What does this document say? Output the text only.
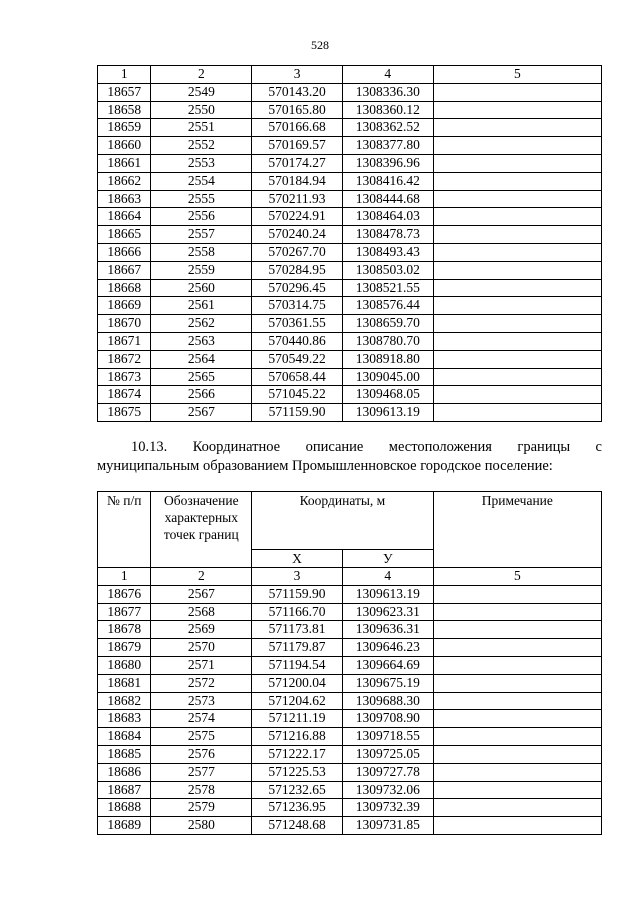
528
1	2	3	4	5
18657	2549	570143.20	1308336.30	
18658	2550	570165.80	1308360.12	
18659	2551	570166.68	1308362.52	
18660	2552	570169.57	1308377.80	
18661	2553	570174.27	1308396.96	
18662	2554	570184.94	1308416.42	
18663	2555	570211.93	1308444.68	
18664	2556	570224.91	1308464.03	
18665	2557	570240.24	1308478.73	
18666	2558	570267.70	1308493.43	
18667	2559	570284.95	1308503.02	
18668	2560	570296.45	1308521.55	
18669	2561	570314.75	1308576.44	
18670	2562	570361.55	1308659.70	
18671	2563	570440.86	1308780.70	
18672	2564	570549.22	1308918.80	
18673	2565	570658.44	1309045.00	
18674	2566	571045.22	1309468.05	
18675	2567	571159.90	1309613.19	
10.13. Координатное описание местоположения границы с
муниципальным образованием Промышленновское городское поселение:
№ п/п	Обозначение характерных точек границ	Координаты, м		Примечание
		X	У	
1	2	3	4	5
18676	2567	571159.90	1309613.19	
18677	2568	571166.70	1309623.31	
18678	2569	571173.81	1309636.31	
18679	2570	571179.87	1309646.23	
18680	2571	571194.54	1309664.69	
18681	2572	571200.04	1309675.19	
18682	2573	571204.62	1309688.30	
18683	2574	571211.19	1309708.90	
18684	2575	571216.88	1309718.55	
18685	2576	571222.17	1309725.05	
18686	2577	571225.53	1309727.78	
18687	2578	571232.65	1309732.06	
18688	2579	571236.95	1309732.39	
18689	2580	571248.68	1309731.85	
